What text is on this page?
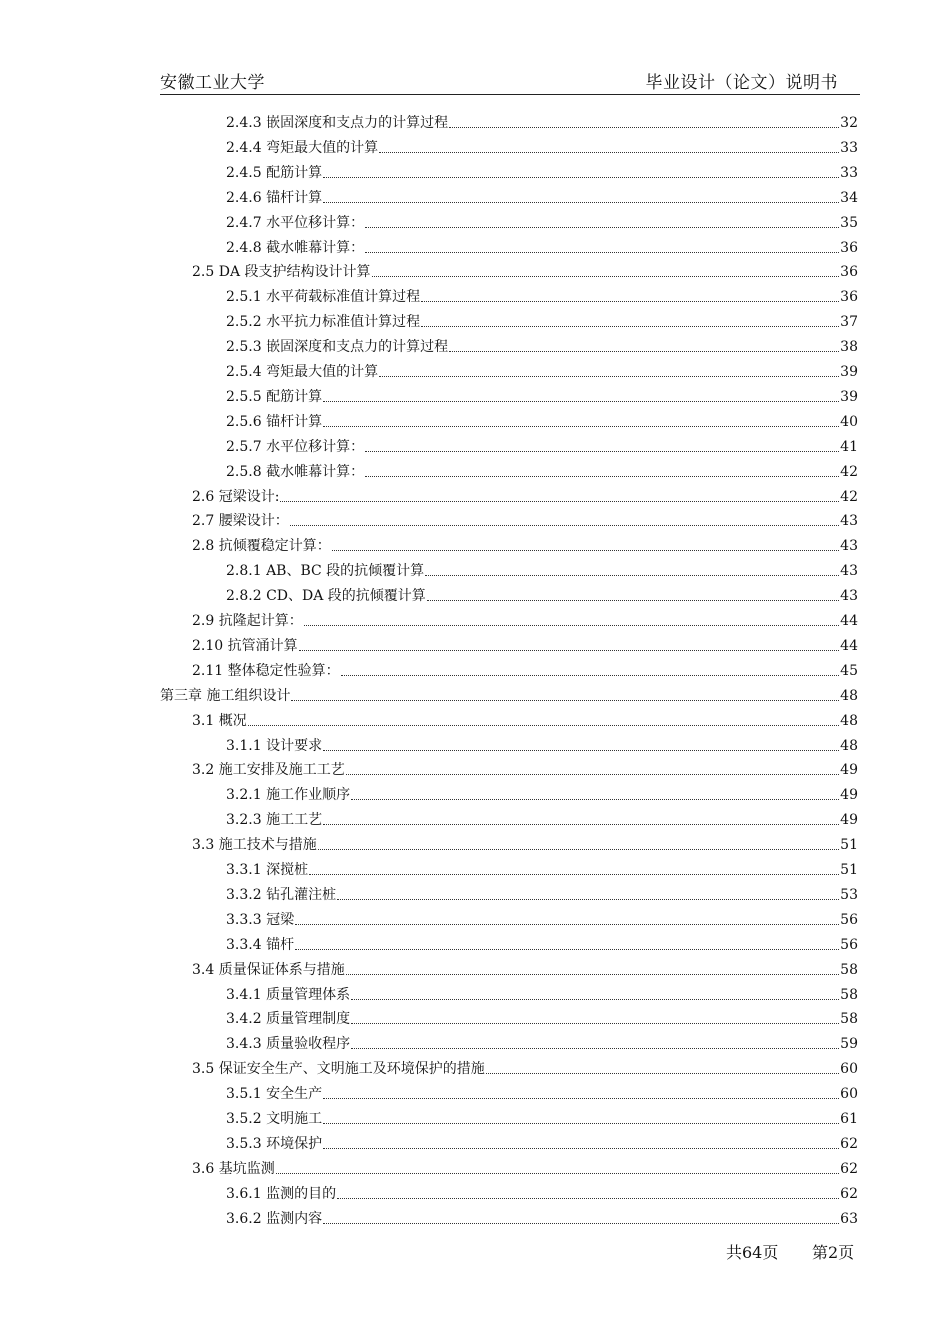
安徽工业大学	毕业设计（论文）说明书
2.4.3 嵌固深度和支点力的计算过程	32
2.4.4 弯矩最大值的计算	33
2.4.5 配筋计算	33
2.4.6 锚杆计算	34
2.4.7 水平位移计算：	35
2.4.8 截水帷幕计算：	36
2.5 DA 段支护结构设计计算	36
2.5.1 水平荷载标准值计算过程	36
2.5.2 水平抗力标准值计算过程	37
2.5.3 嵌固深度和支点力的计算过程	38
2.5.4 弯矩最大值的计算	39
2.5.5 配筋计算	39
2.5.6 锚杆计算	40
2.5.7 水平位移计算：	41
2.5.8 截水帷幕计算：	42
2.6 冠梁设计:	42
2.7 腰梁设计：	43
2.8 抗倾覆稳定计算：	43
2.8.1 AB、BC 段的抗倾覆计算	43
2.8.2 CD、DA 段的抗倾覆计算	43
2.9 抗隆起计算：	44
2.10 抗管涌计算	44
2.11 整体稳定性验算：	45
第三章 施工组织设计	48
3.1 概况	48
3.1.1 设计要求	48
3.2 施工安排及施工工艺	49
3.2.1 施工作业顺序	49
3.2.3 施工工艺	49
3.3 施工技术与措施	51
3.3.1 深搅桩	51
3.3.2 钻孔灌注桩	53
3.3.3 冠梁	56
3.3.4 锚杆	56
3.4 质量保证体系与措施	58
3.4.1 质量管理体系	58
3.4.2 质量管理制度	58
3.4.3 质量验收程序	59
3.5 保证安全生产、文明施工及环境保护的措施	60
3.5.1 安全生产	60
3.5.2 文明施工	61
3.5.3 环境保护	62
3.6 基坑监测	62
3.6.1 监测的目的	62
3.6.2 监测内容	63
共64页 第2页
